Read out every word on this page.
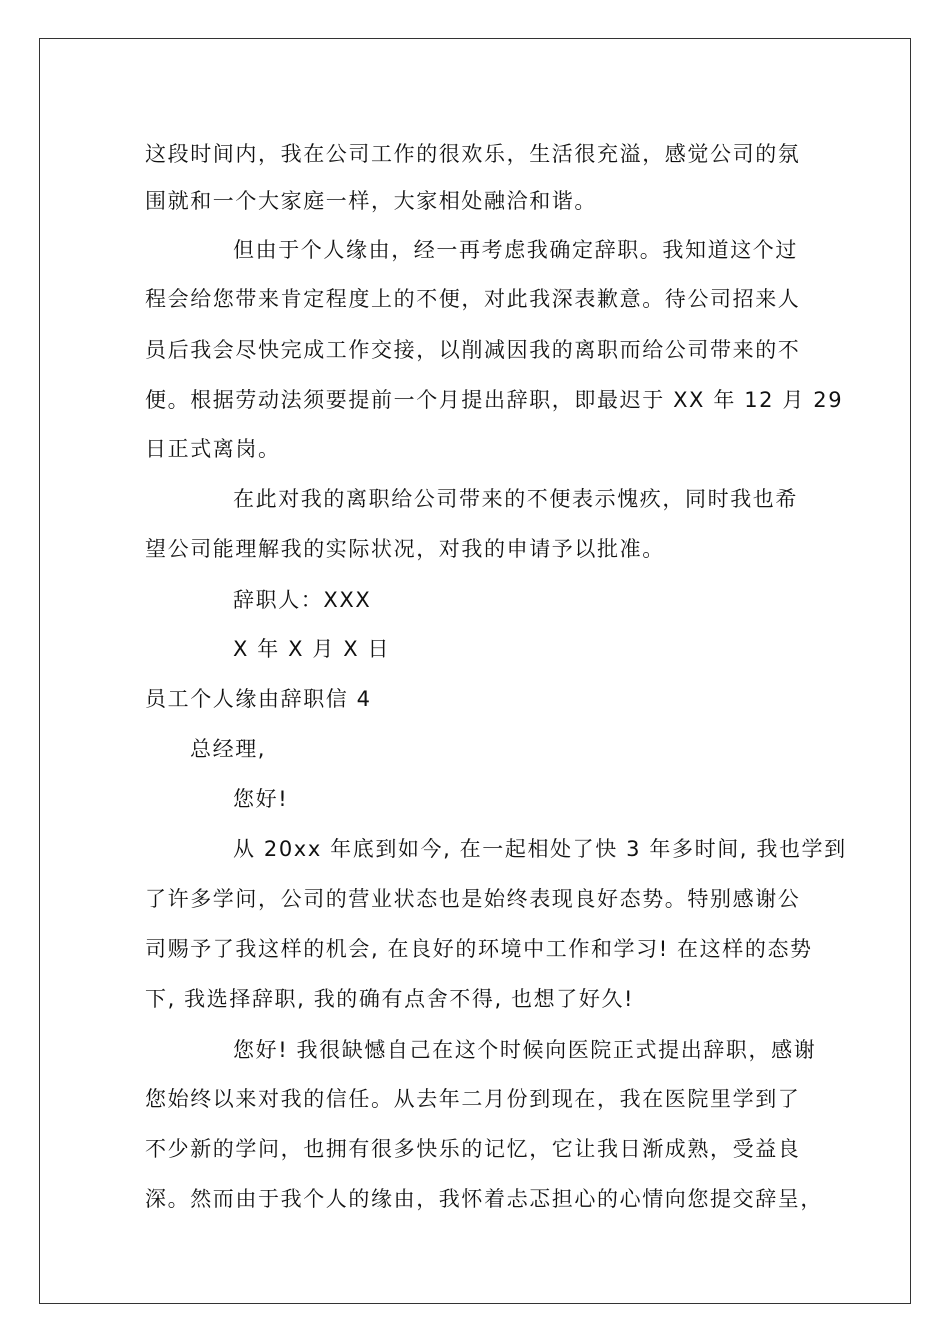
这段时间内，我在公司工作的很欢乐，生活很充溢，感觉公司的氛
围就和一个大家庭一样，大家相处融洽和谐。
但由于个人缘由，经一再考虑我确定辞职。我知道这个过
程会给您带来肯定程度上的不便，对此我深表歉意。待公司招来人
员后我会尽快完成工作交接，以削减因我的离职而给公司带来的不
便。根据劳动法须要提前一个月提出辞职，即最迟于 XX 年 12 月 29
日正式离岗。
在此对我的离职给公司带来的不便表示愧疚，同时我也希
望公司能理解我的实际状况，对我的申请予以批准。
辞职人：XXX
X 年 X 月 X 日
员工个人缘由辞职信 4
总经理,
您好!
从 20xx 年底到如今, 在一起相处了快 3 年多时间, 我也学到
了许多学问，公司的营业状态也是始终表现良好态势。特别感谢公
司赐予了我这样的机会, 在良好的环境中工作和学习! 在这样的态势
下, 我选择辞职, 我的确有点舍不得, 也想了好久!
您好! 我很缺憾自己在这个时候向医院正式提出辞职，感谢
您始终以来对我的信任。从去年二月份到现在，我在医院里学到了
不少新的学问，也拥有很多快乐的记忆，它让我日渐成熟，受益良
深。然而由于我个人的缘由，我怀着忐忑担心的心情向您提交辞呈，
